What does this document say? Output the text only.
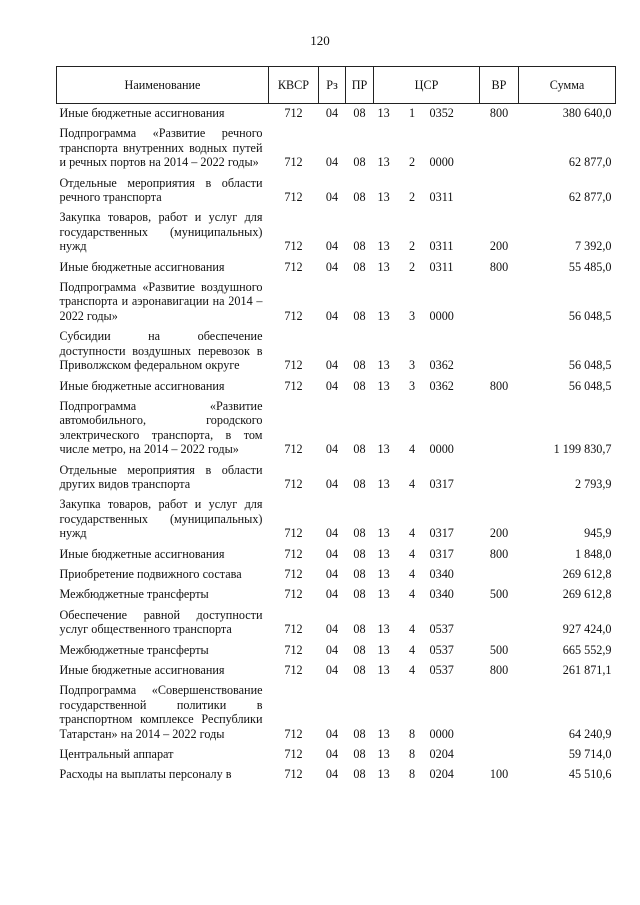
120
Наименование	КВСР	Рз	ПР	ЦСР			ВР	Сумма
Иные бюджетные ассигнования	712	04	08	13	1	0352	800	380 640,0
Подпрограмма «Развитие речного транспорта внутренних водных путей и речных портов на 2014 – 2022 годы»	712	04	08	13	2	0000		62 877,0
Отдельные мероприятия в области речного транспорта	712	04	08	13	2	0311		62 877,0
Закупка товаров, работ и услуг для государственных (муниципальных) нужд	712	04	08	13	2	0311	200	7 392,0
Иные бюджетные ассигнования	712	04	08	13	2	0311	800	55 485,0
Подпрограмма «Развитие воздушного транспорта и аэронавигации на 2014 – 2022 годы»	712	04	08	13	3	0000		56 048,5
Субсидии на обеспечение доступности воздушных перевозок в Приволжском федеральном округе	712	04	08	13	3	0362		56 048,5
Иные бюджетные ассигнования	712	04	08	13	3	0362	800	56 048,5
Подпрограмма «Развитие автомобильного, городского электрического транспорта, в том числе метро, на 2014 – 2022 годы»	712	04	08	13	4	0000		1 199 830,7
Отдельные мероприятия в области других видов транспорта	712	04	08	13	4	0317		2 793,9
Закупка товаров, работ и услуг для государственных (муниципальных) нужд	712	04	08	13	4	0317	200	945,9
Иные бюджетные ассигнования	712	04	08	13	4	0317	800	1 848,0
Приобретение подвижного состава	712	04	08	13	4	0340		269 612,8
Межбюджетные трансферты	712	04	08	13	4	0340	500	269 612,8
Обеспечение равной доступности услуг общественного транспорта	712	04	08	13	4	0537		927 424,0
Межбюджетные трансферты	712	04	08	13	4	0537	500	665 552,9
Иные бюджетные ассигнования	712	04	08	13	4	0537	800	261 871,1
Подпрограмма «Совершенствование государственной политики в транспортном комплексе Республики Татарстан» на 2014 – 2022 годы	712	04	08	13	8	0000		64 240,9
Центральный аппарат	712	04	08	13	8	0204		59 714,0
Расходы на выплаты персоналу в	712	04	08	13	8	0204	100	45 510,6
